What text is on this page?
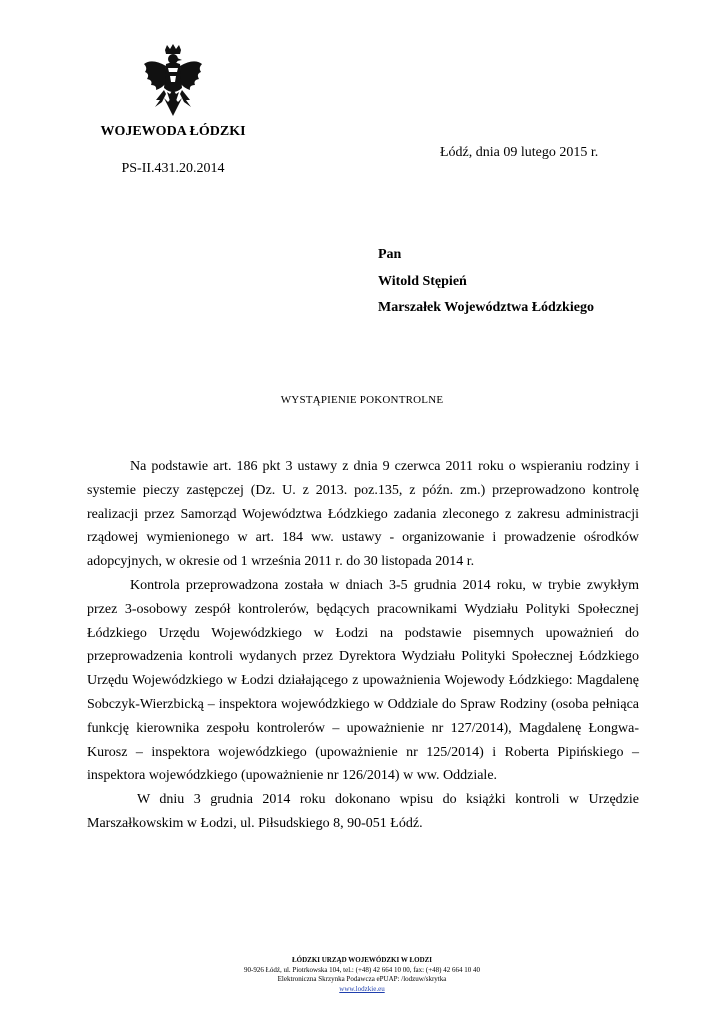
WOJEWODA ŁÓDZKI
Łódź, dnia 09 lutego 2015 r.
PS-II.431.20.2014
Pan
Witold Stępień
Marszałek Województwa Łódzkiego
WYSTĄPIENIE POKONTROLNE

Na podstawie art. 186 pkt 3 ustawy z dnia 9 czerwca 2011 roku o wspieraniu rodziny i systemie pieczy zastępczej (Dz. U. z 2013. poz.135, z późn. zm.) przeprowadzono kontrolę realizacji przez Samorząd Województwa Łódzkiego zadania zleconego z zakresu administracji rządowej wymienionego w art. 184 ww. ustawy - organizowanie i prowadzenie ośrodków adopcyjnych, w okresie od 1 września 2011 r. do 30 listopada 2014 r.

Kontrola przeprowadzona została w dniach 3-5 grudnia 2014 roku, w trybie zwykłym przez 3-osobowy zespół kontrolerów, będących pracownikami Wydziału Polityki Społecznej Łódzkiego Urzędu Wojewódzkiego w Łodzi na podstawie pisemnych upoważnień do przeprowadzenia kontroli wydanych przez Dyrektora Wydziału Polityki Społecznej Łódzkiego Urzędu Wojewódzkiego w Łodzi działającego z upoważnienia Wojewody Łódzkiego: Magdalenę Sobczyk-Wierzbicką – inspektora wojewódzkiego w Oddziale do Spraw Rodziny (osoba pełniąca funkcję kierownika zespołu kontrolerów – upoważnienie nr 127/2014), Magdalenę Łongwa-Kurosz – inspektora wojewódzkiego (upoważnienie nr 125/2014) i Roberta Pipińskiego – inspektora wojewódzkiego (upoważnienie nr 126/2014) w ww. Oddziale.

W dniu 3 grudnia 2014 roku dokonano wpisu do książki kontroli w Urzędzie Marszałkowskim w Łodzi, ul. Piłsudskiego 8, 90-051 Łódź.

ŁÓDZKI URZĄD WOJEWÓDZKI W ŁODZI
90-926 Łódź, ul. Piotrkowska 104, tel.: (+48) 42 664 10 00, fax: (+48) 42 664 10 40
Elektroniczna Skrzynka Podawcza ePUAP: /lodzuw/skrytka
www.lodzkie.eu
